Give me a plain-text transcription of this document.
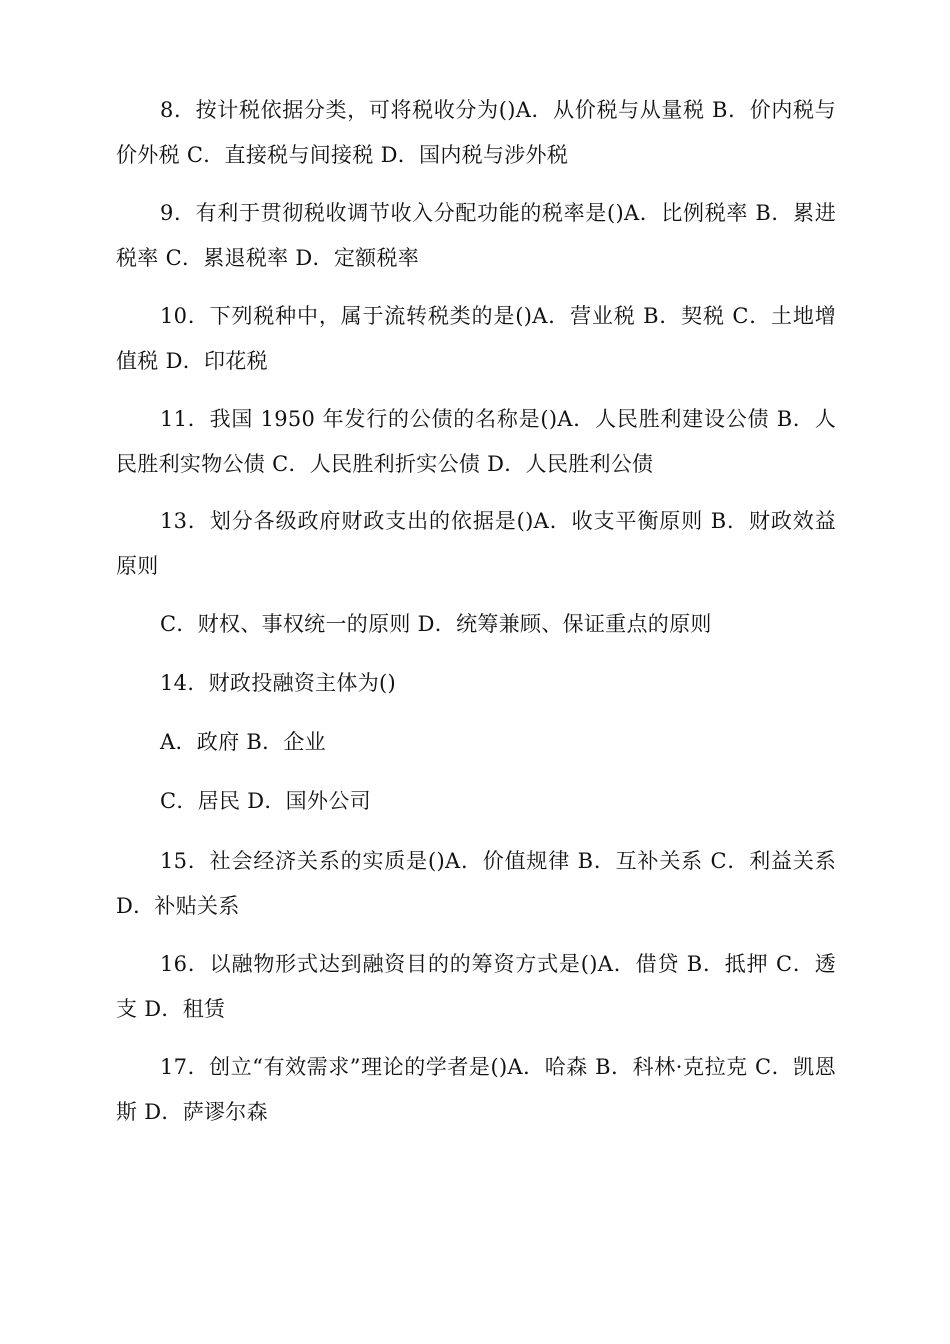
8．按计税依据分类，可将税收分为()A．从价税与从量税 B．价内税与价外税 C．直接税与间接税 D．国内税与涉外税

9．有利于贯彻税收调节收入分配功能的税率是()A．比例税率 B．累进税率 C．累退税率 D．定额税率

10．下列税种中，属于流转税类的是()A．营业税 B．契税 C．土地增值税 D．印花税

11．我国 1950 年发行的公债的名称是()A．人民胜利建设公债 B．人民胜利实物公债 C．人民胜利折实公债 D．人民胜利公债

13．划分各级政府财政支出的依据是()A．收支平衡原则 B．财政效益原则

C．财权、事权统一的原则 D．统筹兼顾、保证重点的原则

14．财政投融资主体为()

A．政府 B．企业

C．居民 D．国外公司

15．社会经济关系的实质是()A．价值规律 B．互补关系 C．利益关系 D．补贴关系

16．以融物形式达到融资目的的筹资方式是()A．借贷 B．抵押 C．透支 D．租赁

17．创立“有效需求”理论的学者是()A．哈森 B．科林·克拉克 C．凯恩斯 D．萨谬尔森
